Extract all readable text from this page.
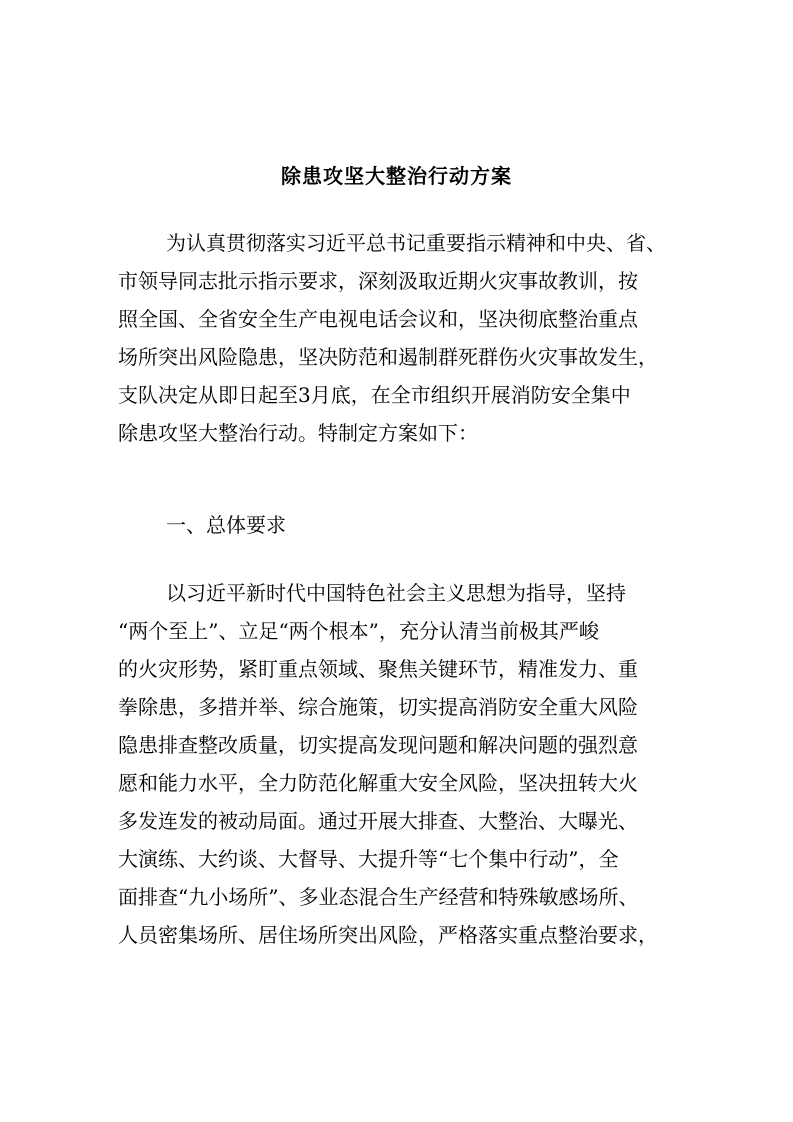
除患攻坚大整治行动方案
为认真贯彻落实习近平总书记重要指示精神和中央、省、
市领导同志批示指示要求，深刻汲取近期火灾事故教训，按
照全国、全省安全生产电视电话会议和，坚决彻底整治重点
场所突出风险隐患，坚决防范和遏制群死群伤火灾事故发生，
支队决定从即日起至3月底，在全市组织开展消防安全集中
除患攻坚大整治行动。特制定方案如下：
一、总体要求
以习近平新时代中国特色社会主义思想为指导，坚持
“两个至上”、立足“两个根本”，充分认清当前极其严峻
的火灾形势，紧盯重点领域、聚焦关键环节，精准发力、重
拳除患，多措并举、综合施策，切实提高消防安全重大风险
隐患排查整改质量，切实提高发现问题和解决问题的强烈意
愿和能力水平，全力防范化解重大安全风险，坚决扭转大火
多发连发的被动局面。通过开展大排查、大整治、大曝光、
大演练、大约谈、大督导、大提升等“七个集中行动”，全
面排查“九小场所”、多业态混合生产经营和特殊敏感场所、
人员密集场所、居住场所突出风险，严格落实重点整治要求，
